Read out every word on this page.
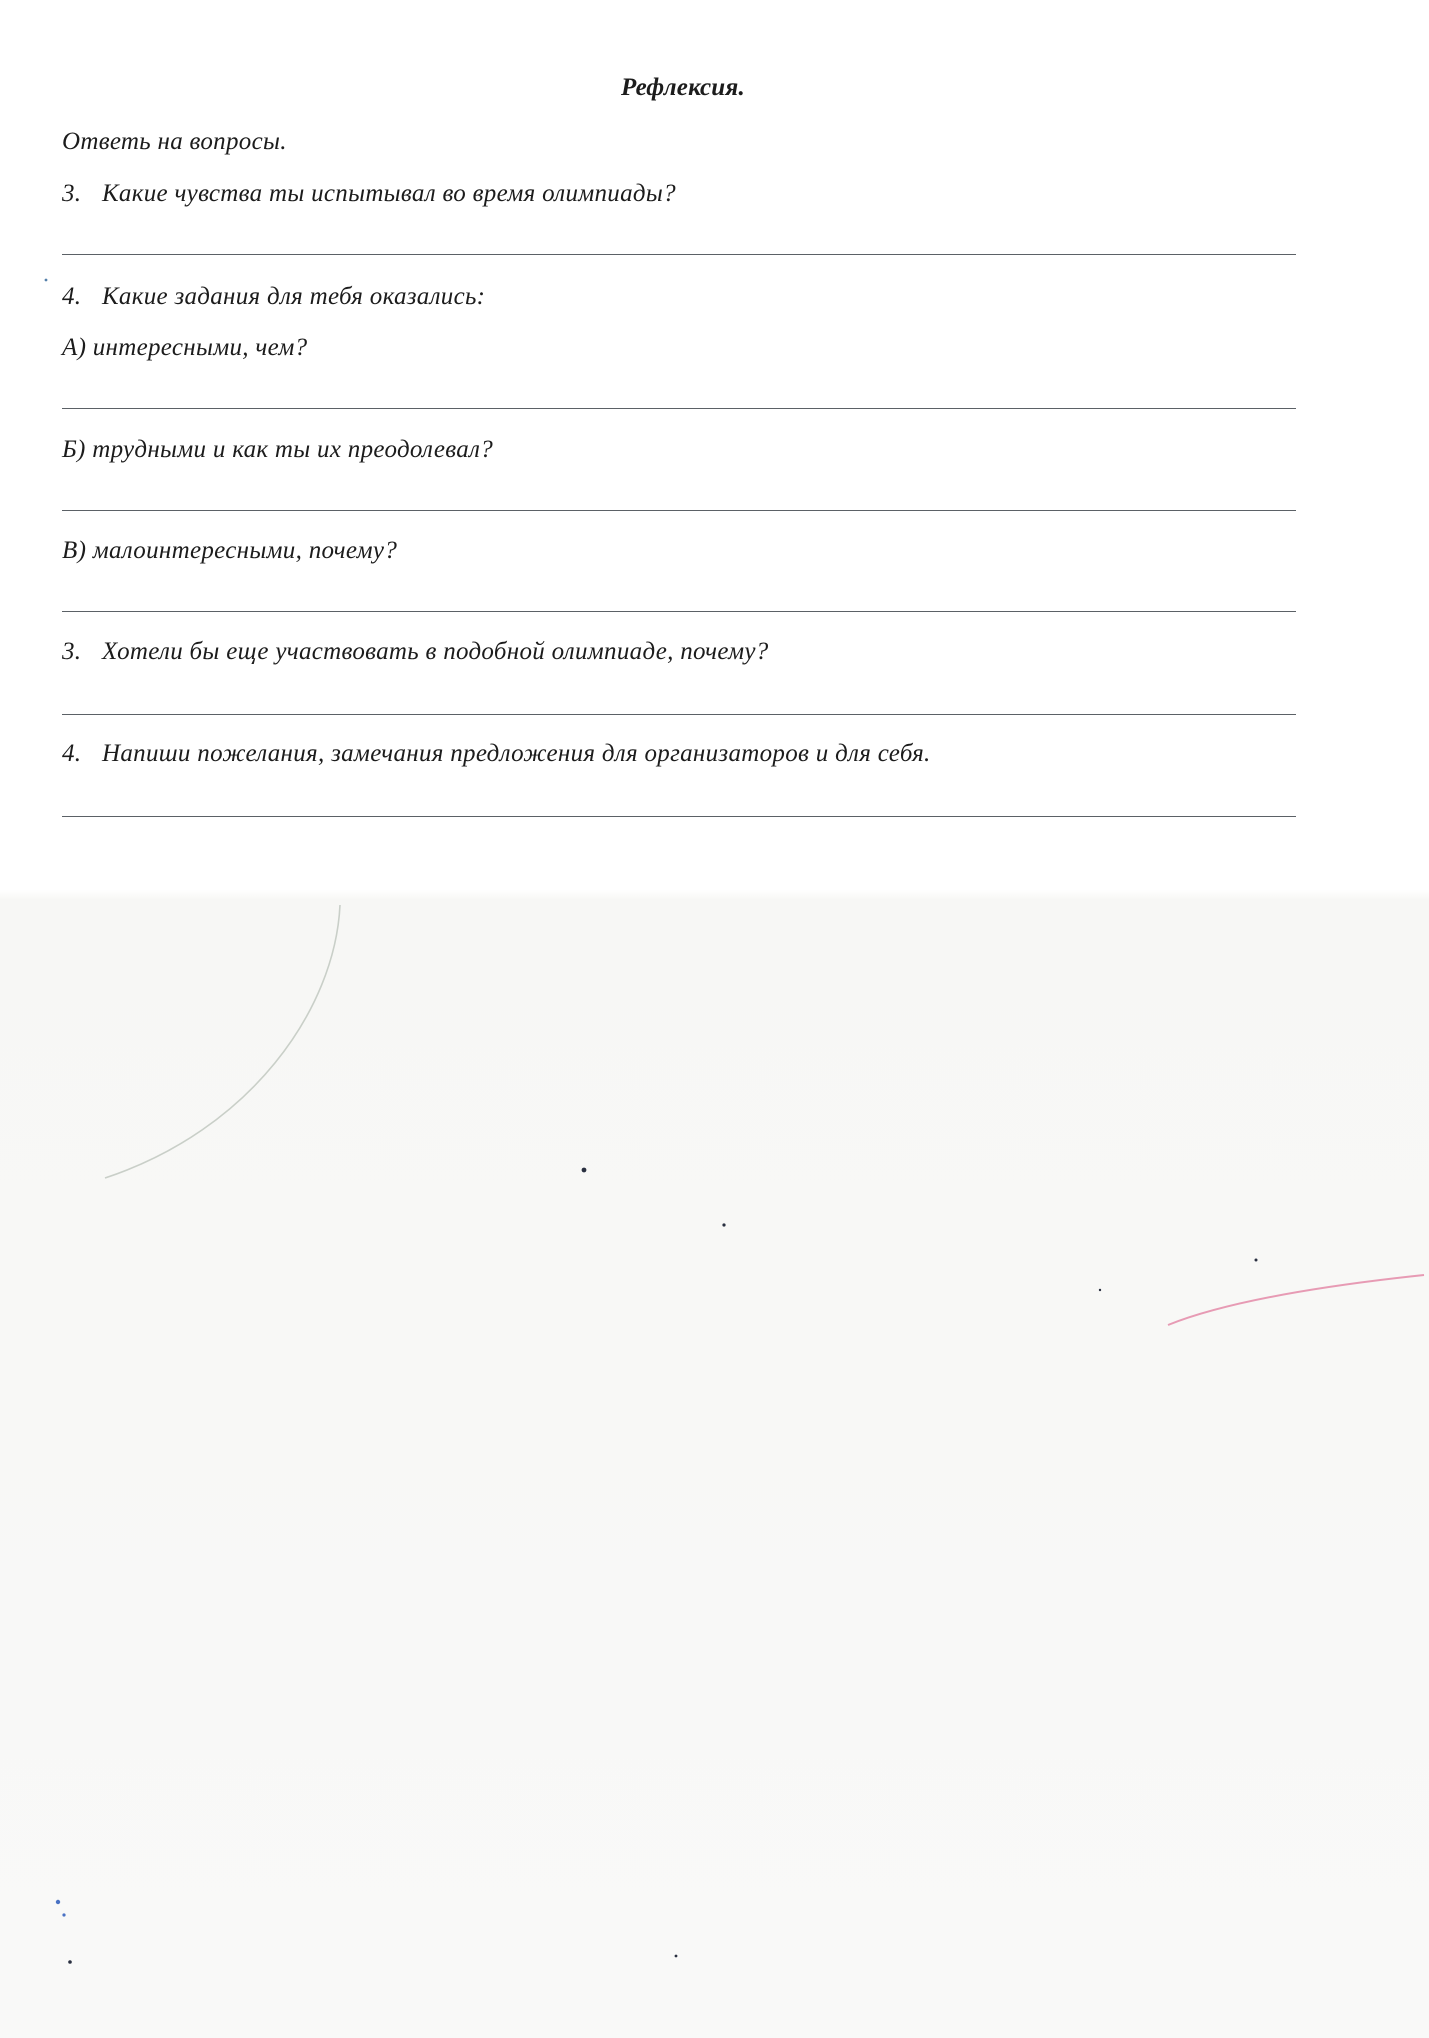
Рефлексия.
Ответь на вопросы.
3. Какие чувства ты испытывал во время олимпиады?
4. Какие задания для тебя оказались:
А) интересными, чем?
Б) трудными и как ты их преодолевал?
В) малоинтересными, почему?
3. Хотели бы еще участвовать в подобной олимпиаде, почему?
4. Напиши пожелания, замечания предложения для организаторов и для себя.
